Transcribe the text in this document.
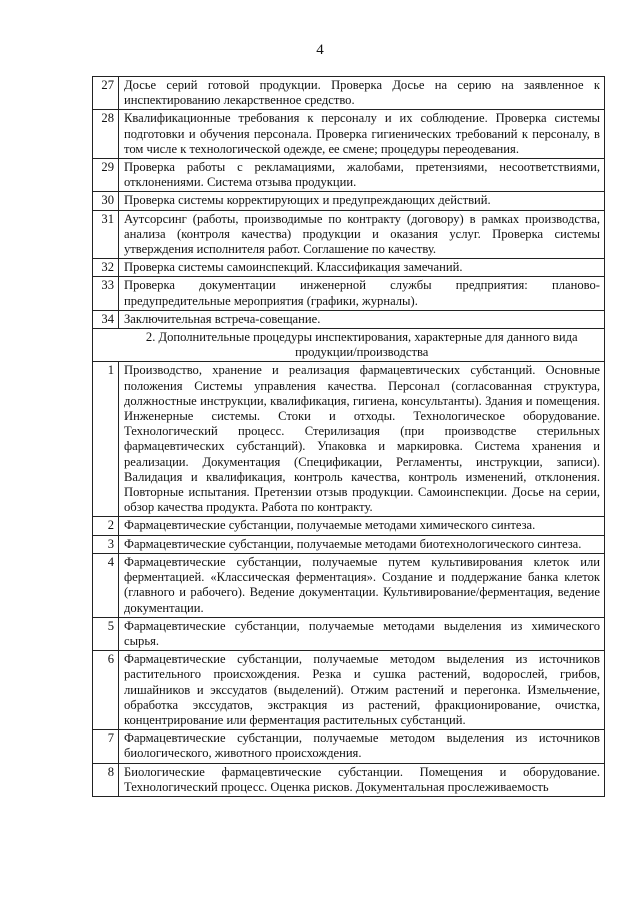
4
27	Досье серий готовой продукции. Проверка Досье на серию на заявленное к инспектированию лекарственное средство.
28	Квалификационные требования к персоналу и их соблюдение. Проверка системы подготовки и обучения персонала. Проверка гигиенических требований к персоналу, в том числе к технологической одежде, ее смене; процедуры переодевания.
29	Проверка работы с рекламациями, жалобами, претензиями, несоответствиями, отклонениями. Система отзыва продукции.
30	Проверка системы корректирующих и предупреждающих действий.
31	Аутсорсинг (работы, производимые по контракту (договору) в рамках производства, анализа (контроля качества) продукции и оказания услуг. Проверка системы утверждения исполнителя работ. Соглашение по качеству.
32	Проверка системы самоинспекций. Классификация замечаний.
33	Проверка документации инженерной службы предприятия: планово-предупредительные мероприятия (графики, журналы).
34	Заключительная встреча-совещание.
	2. Дополнительные процедуры инспектирования, характерные для данного вида продукции/производства
1	Производство, хранение и реализация фармацевтических субстанций. Основные положения Системы управления качества. Персонал (согласованная структура, должностные инструкции, квалификация, гигиена, консультанты). Здания и помещения. Инженерные системы. Стоки и отходы. Технологическое оборудование. Технологический процесс. Стерилизация (при производстве стерильных фармацевтических субстанций). Упаковка и маркировка. Система хранения и реализации. Документация (Спецификации, Регламенты, инструкции, записи). Валидация и квалификация, контроль качества, контроль изменений, отклонения. Повторные испытания. Претензии отзыв продукции. Самоинспекции. Досье на серии, обзор качества продукта. Работа по контракту.
2	Фармацевтические субстанции, получаемые методами химического синтеза.
3	Фармацевтические субстанции, получаемые методами биотехнологического синтеза.
4	Фармацевтические субстанции, получаемые путем культивирования клеток или ферментацией. «Классическая ферментация». Создание и поддержание банка клеток (главного и рабочего). Ведение документации. Культивирование/ферментация, ведение документации.
5	Фармацевтические субстанции, получаемые методами выделения из химического сырья.
6	Фармацевтические субстанции, получаемые методом выделения из источников растительного происхождения. Резка и сушка растений, водорослей, грибов, лишайников и экссудатов (выделений). Отжим растений и перегонка. Измельчение, обработка экссудатов, экстракция из растений, фракционирование, очистка, концентрирование или ферментация растительных субстанций.
7	Фармацевтические субстанции, получаемые методом выделения из источников биологического, животного происхождения.
8	Биологические фармацевтические субстанции. Помещения и оборудование. Технологический процесс. Оценка рисков. Документальная прослеживаемость
